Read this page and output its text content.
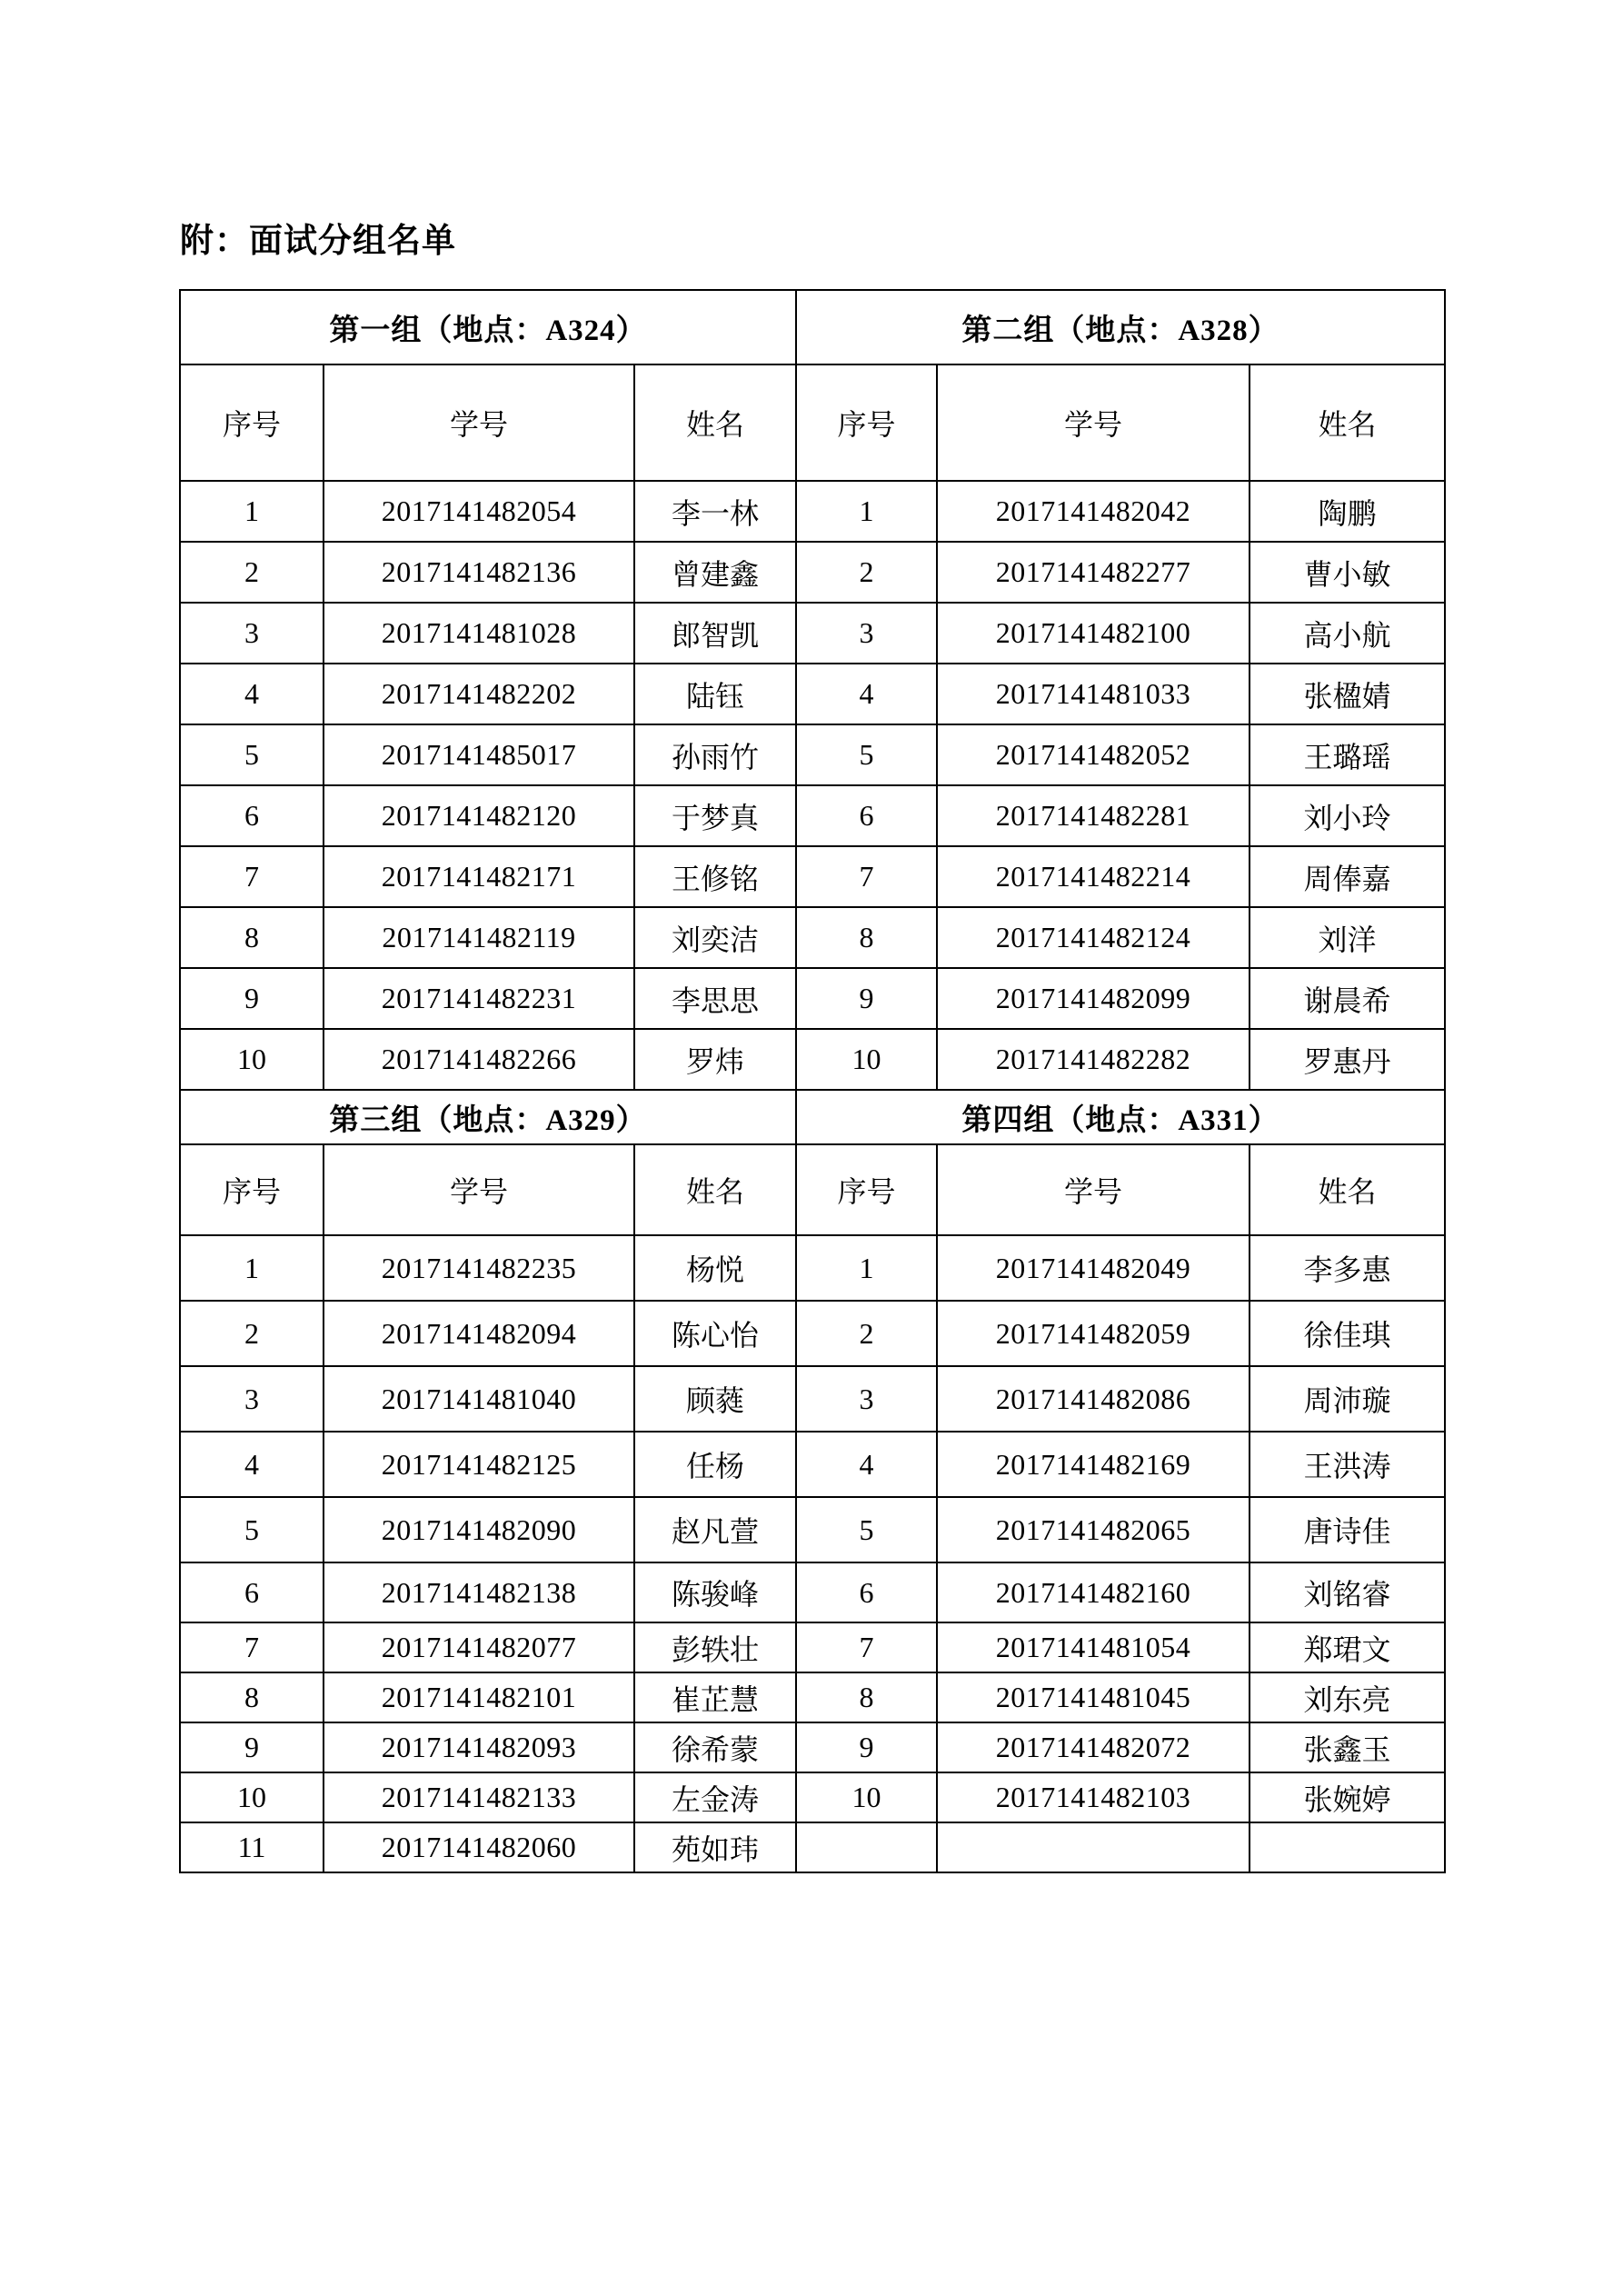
附：面试分组名单
第一组（地点：A324）			第二组（地点：A328）		
序号	学号	姓名	序号	学号	姓名
1	2017141482054	李一林	1	2017141482042	陶鹏
2	2017141482136	曾建鑫	2	2017141482277	曹小敏
3	2017141481028	郎智凯	3	2017141482100	高小航
4	2017141482202	陆钰	4	2017141481033	张楹婧
5	2017141485017	孙雨竹	5	2017141482052	王璐瑶
6	2017141482120	于梦真	6	2017141482281	刘小玲
7	2017141482171	王修铭	7	2017141482214	周俸嘉
8	2017141482119	刘奕洁	8	2017141482124	刘洋
9	2017141482231	李思思	9	2017141482099	谢晨希
10	2017141482266	罗炜	10	2017141482282	罗惠丹
第三组（地点：A329）			第四组（地点：A331）		
序号	学号	姓名	序号	学号	姓名
1	2017141482235	杨悦	1	2017141482049	李多惠
2	2017141482094	陈心怡	2	2017141482059	徐佳琪
3	2017141481040	顾蕤	3	2017141482086	周沛璇
4	2017141482125	任杨	4	2017141482169	王洪涛
5	2017141482090	赵凡萱	5	2017141482065	唐诗佳
6	2017141482138	陈骏峰	6	2017141482160	刘铭睿
7	2017141482077	彭轶壮	7	2017141481054	郑珺文
8	2017141482101	崔芷慧	8	2017141481045	刘东亮
9	2017141482093	徐希蒙	9	2017141482072	张鑫玉
10	2017141482133	左金涛	10	2017141482103	张婉婷
11	2017141482060	苑如玮			
